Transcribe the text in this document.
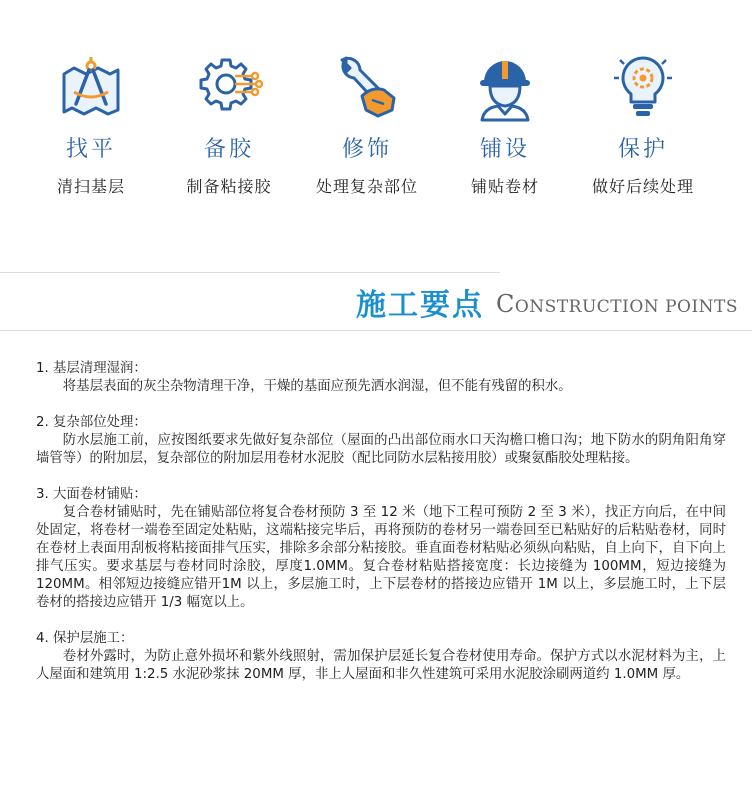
找平
清扫基层
备胶
制备粘接胶
修饰
处理复杂部位
铺设
铺贴卷材
保护
做好后续处理
施工要点 CONSTRUCTION POINTS
1. 基层清理湿润：
将基层表面的灰尘杂物清理干净，干燥的基面应预先洒水润湿，但不能有残留的积水。
2. 复杂部位处理：
防水层施工前，应按图纸要求先做好复杂部位（屋面的凸出部位雨水口天沟檐口檐口沟；地下防水的阴角阳角穿墙管等）的附加层，复杂部位的附加层用卷材水泥胶（配比同防水层粘接用胶）或聚氨酯胶处理粘接。
3. 大面卷材铺贴：
复合卷材铺贴时，先在铺贴部位将复合卷材预防 3 至 12 米（地下工程可预防 2 至 3 米），找正方向后，在中间处固定，将卷材一端卷至固定处粘贴，这端粘接完毕后，再将预防的卷材另一端卷回至已粘贴好的后粘贴卷材，同时在卷材上表面用刮板将粘接面排气压实，排除多余部分粘接胶。垂直面卷材粘贴必须纵向粘贴，自上向下，自下向上排气压实。要求基层与卷材同时涂胶，厚度1.0MM。复合卷材粘贴搭接宽度：长边接缝为 100MM，短边接缝为 120MM。相邻短边接缝应错开1M 以上，多层施工时，上下层卷材的搭接边应错开 1M 以上，多层施工时，上下层卷材的搭接边应错开 1/3 幅宽以上。
4. 保护层施工：
卷材外露时，为防止意外损坏和紫外线照射，需加保护层延长复合卷材使用寿命。保护方式以水泥材料为主，上人屋面和建筑用 1:2.5 水泥砂浆抹 20MM 厚，非上人屋面和非久性建筑可采用水泥胶涂刷两道约 1.0MM 厚。
